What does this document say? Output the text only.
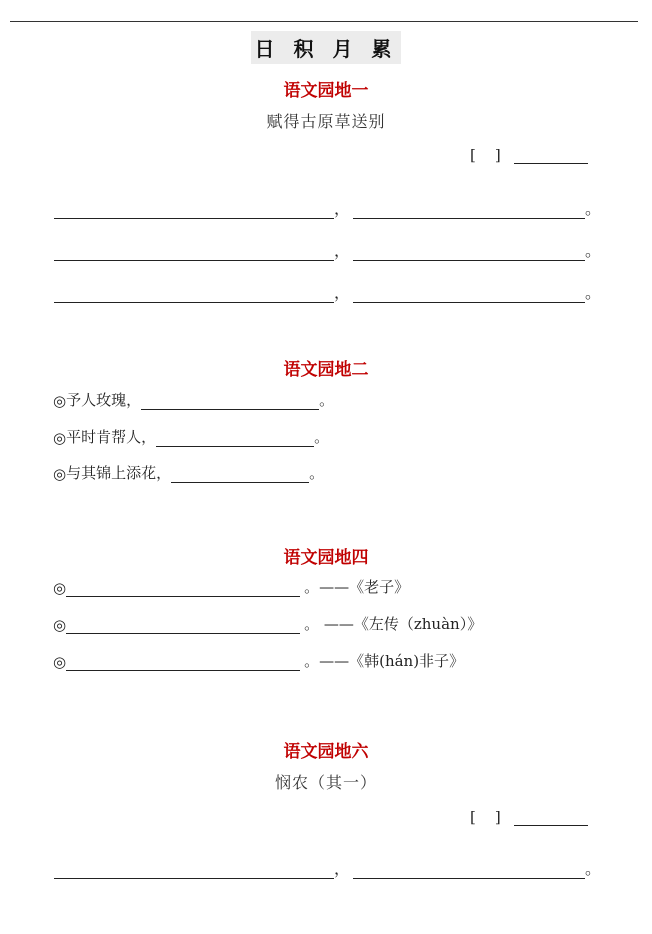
日 积 月 累
语文园地一
赋得古原草送别
[    ]
，	。
，	。
，	。
语文园地二
◎ 予人玫瑰，	。
◎ 平时肯帮人，	。
◎ 与其锦上添花，	。
语文园地四
◎	。——《老子》
◎	。 ——《左传（zhuàn）》
◎	。——《韩(hán)非子》
语文园地六
悯农（其一）
[    ]
，	。
